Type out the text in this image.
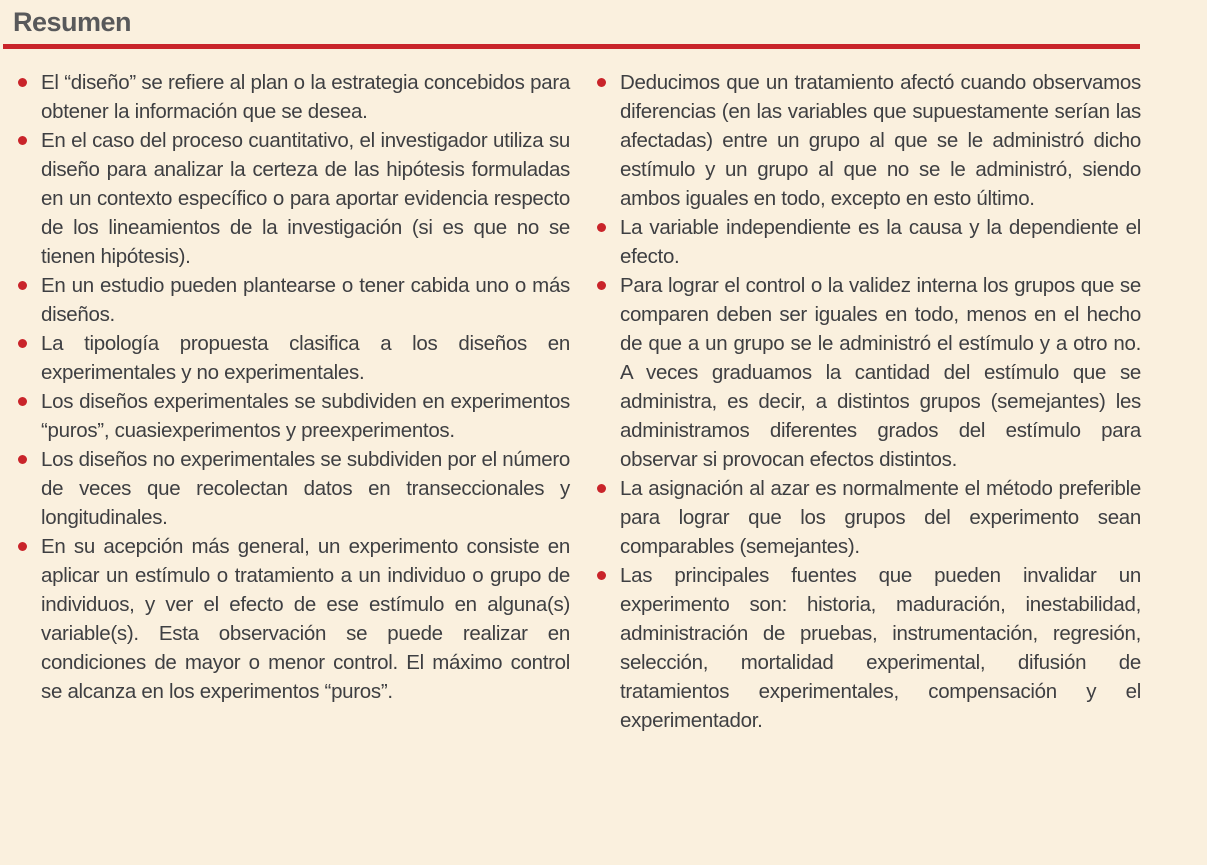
Resumen
El “diseño” se refiere al plan o la estrategia concebidos para obtener la información que se desea.
En el caso del proceso cuantitativo, el investigador utiliza su diseño para analizar la certeza de las hipótesis formuladas en un contexto específico o para aportar evidencia respecto de los lineamientos de la investigación (si es que no se tienen hipótesis).
En un estudio pueden plantearse o tener cabida uno o más diseños.
La tipología propuesta clasifica a los diseños en experimentales y no experimentales.
Los diseños experimentales se subdividen en experimentos “puros”, cuasiexperimentos y preexperimentos.
Los diseños no experimentales se subdividen por el número de veces que recolectan datos en transeccionales y longitudinales.
En su acepción más general, un experimento consiste en aplicar un estímulo o tratamiento a un individuo o grupo de individuos, y ver el efecto de ese estímulo en alguna(s) variable(s). Esta observación se puede realizar en condiciones de mayor o menor control. El máximo control se alcanza en los experimentos “puros”.
Deducimos que un tratamiento afectó cuando observamos diferencias (en las variables que supuestamente serían las afectadas) entre un grupo al que se le administró dicho estímulo y un grupo al que no se le administró, siendo ambos iguales en todo, excepto en esto último.
La variable independiente es la causa y la dependiente el efecto.
Para lograr el control o la validez interna los grupos que se comparen deben ser iguales en todo, menos en el hecho de que a un grupo se le administró el estímulo y a otro no. A veces graduamos la cantidad del estímulo que se administra, es decir, a distintos grupos (semejantes) les administramos diferentes grados del estímulo para observar si provocan efectos distintos.
La asignación al azar es normalmente el método preferible para lograr que los grupos del experimento sean comparables (semejantes).
Las principales fuentes que pueden invalidar un experimento son: historia, maduración, inestabilidad, administración de pruebas, instrumentación, regresión, selección, mortalidad experimental, difusión de tratamientos experimentales, compensación y el experimentador.
